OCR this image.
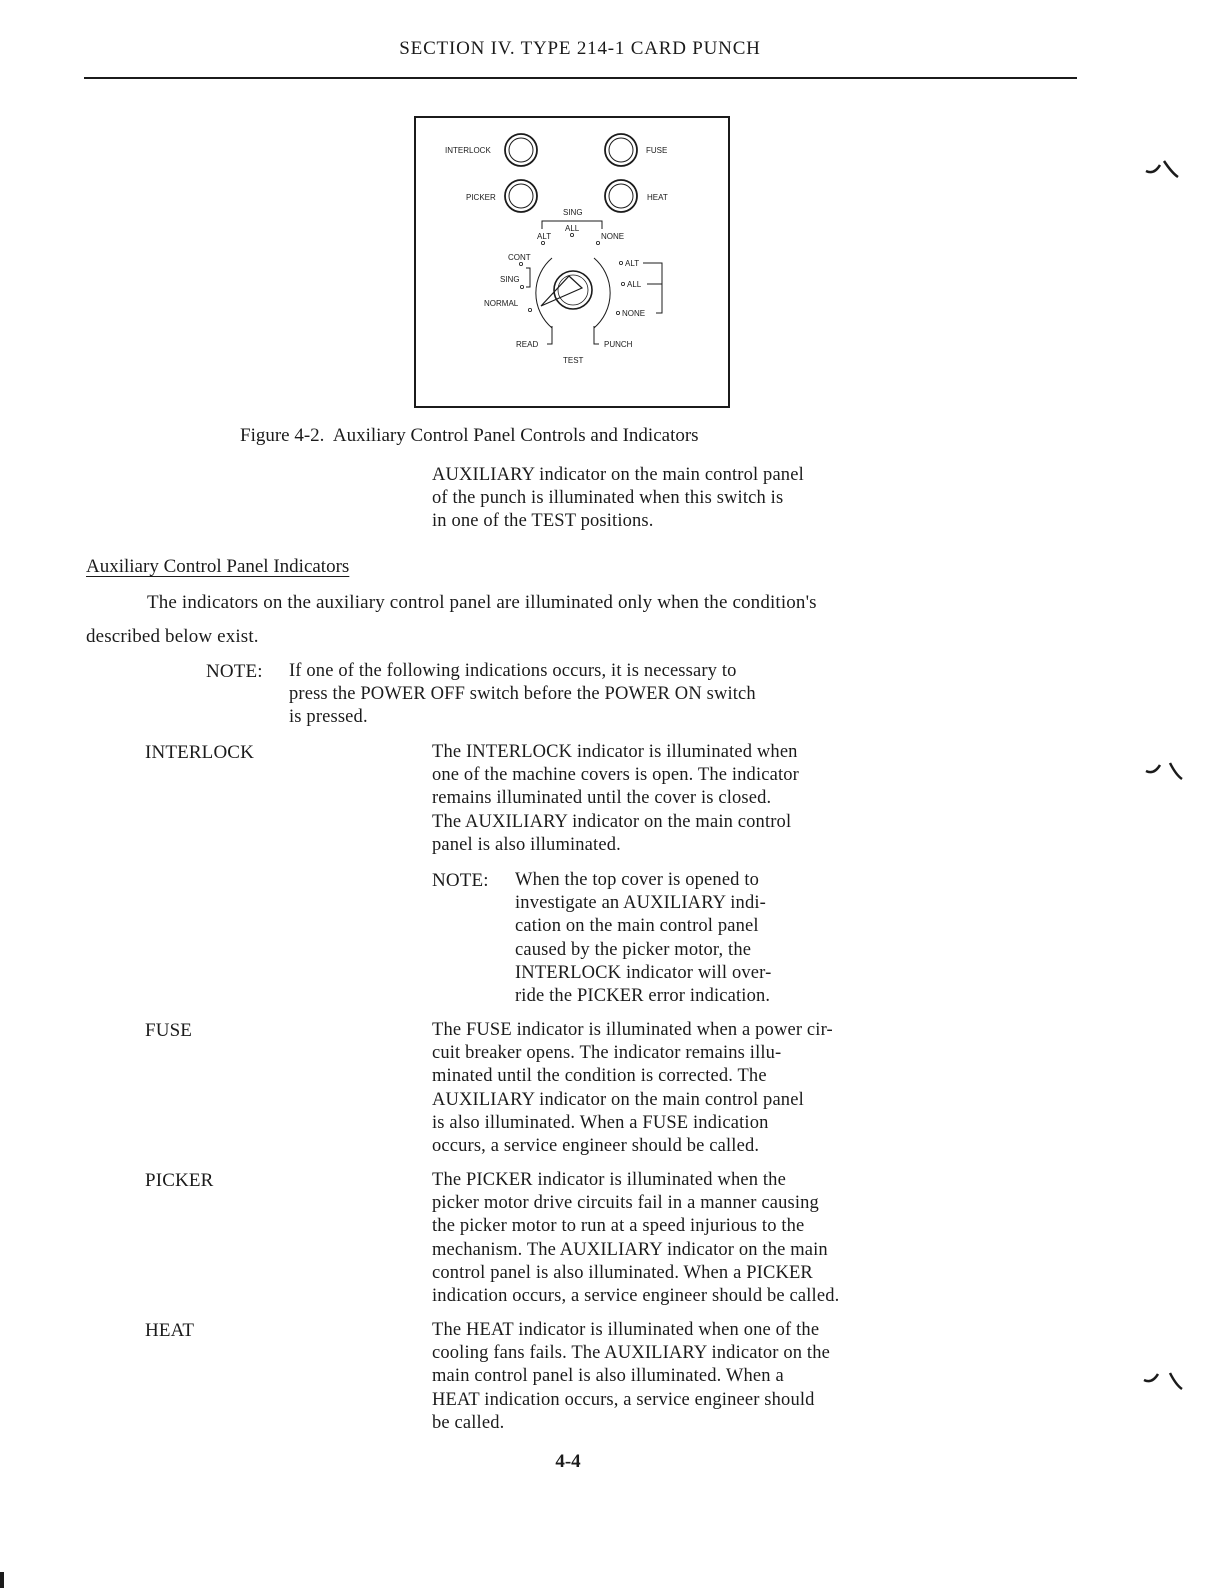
SECTION IV. TYPE 214-1 CARD PUNCH
INTERLOCK	FUSE
PICKER	HEAT
SING
ALL
ALT	NONE
CONT
SING
NORMAL
ALT
ALL
NONE
READ	PUNCH
TEST
Figure 4-2.  Auxiliary Control Panel Controls and Indicators
AUXILIARY indicator on the main control panel
of the punch is illuminated when this switch is
in one of the TEST positions.
Auxiliary Control Panel Indicators
The indicators on the auxiliary control panel are illuminated only when the condition's
described below exist.
NOTE: If one of the following indications occurs, it is necessary to
press the POWER OFF switch before the POWER ON switch
is pressed.
INTERLOCK	The INTERLOCK indicator is illuminated when
one of the machine covers is open. The indicator
remains illuminated until the cover is closed.
The AUXILIARY indicator on the main control
panel is also illuminated.
NOTE: When the top cover is opened to
investigate an AUXILIARY indi-
cation on the main control panel
caused by the picker motor, the
INTERLOCK indicator will over-
ride the PICKER error indication.
FUSE	The FUSE indicator is illuminated when a power cir-
cuit breaker opens. The indicator remains illu-
minated until the condition is corrected. The
AUXILIARY indicator on the main control panel
is also illuminated. When a FUSE indication
occurs, a service engineer should be called.
PICKER	The PICKER indicator is illuminated when the
picker motor drive circuits fail in a manner causing
the picker motor to run at a speed injurious to the
mechanism. The AUXILIARY indicator on the main
control panel is also illuminated. When a PICKER
indication occurs, a service engineer should be called.
HEAT	The HEAT indicator is illuminated when one of the
cooling fans fails. The AUXILIARY indicator on the
main control panel is also illuminated. When a
HEAT indication occurs, a service engineer should
be called.
4-4
